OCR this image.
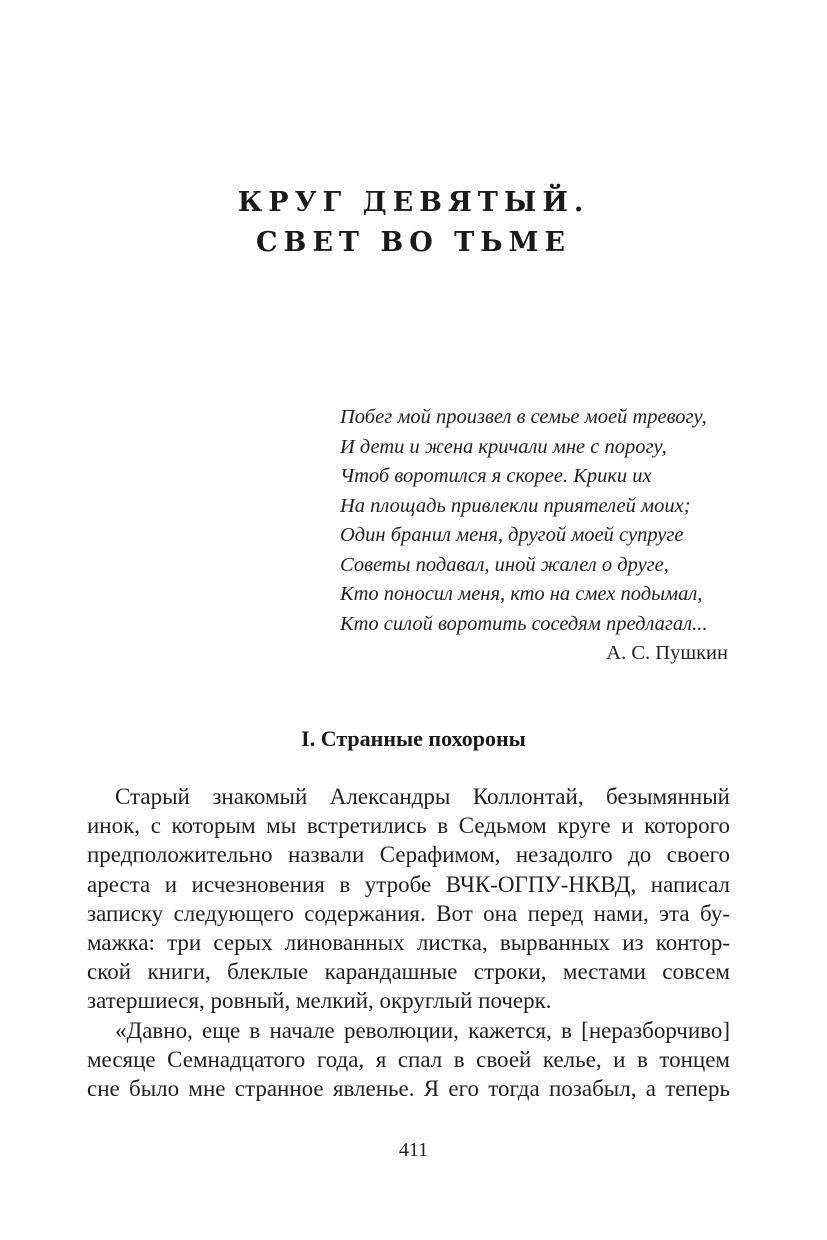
КРУГ ДЕВЯТЫЙ.
СВЕТ ВО ТЬМЕ
Побег мой произвел в семье моей тревогу,
И дети и жена кричали мне с порогу,
Чтоб воротился я скорее. Крики их
На площадь привлекли приятелей моих;
Один бранил меня, другой моей супруге
Советы подавал, иной жалел о друге,
Кто поносил меня, кто на смех подымал,
Кто силой воротить соседям предлагал...
А. С. Пушкин
I. Странные похороны
Старый знакомый Александры Коллонтай, безымянный
инок, с которым мы встретились в Седьмом круге и которого
предположительно назвали Серафимом, незадолго до своего
ареста и исчезновения в утробе ВЧК-ОГПУ-НКВД, написал
записку следующего содержания. Вот она перед нами, эта бу-
мажка: три серых линованных листка, вырванных из контор-
ской книги, блеклые карандашные строки, местами совсем
затершиеся, ровный, мелкий, округлый почерк.
«Давно, еще в начале революции, кажется, в [неразборчиво]
месяце Семнадцатого года, я спал в своей келье, и в тонцем
сне было мне странное явленье. Я его тогда позабыл, а теперь
411
